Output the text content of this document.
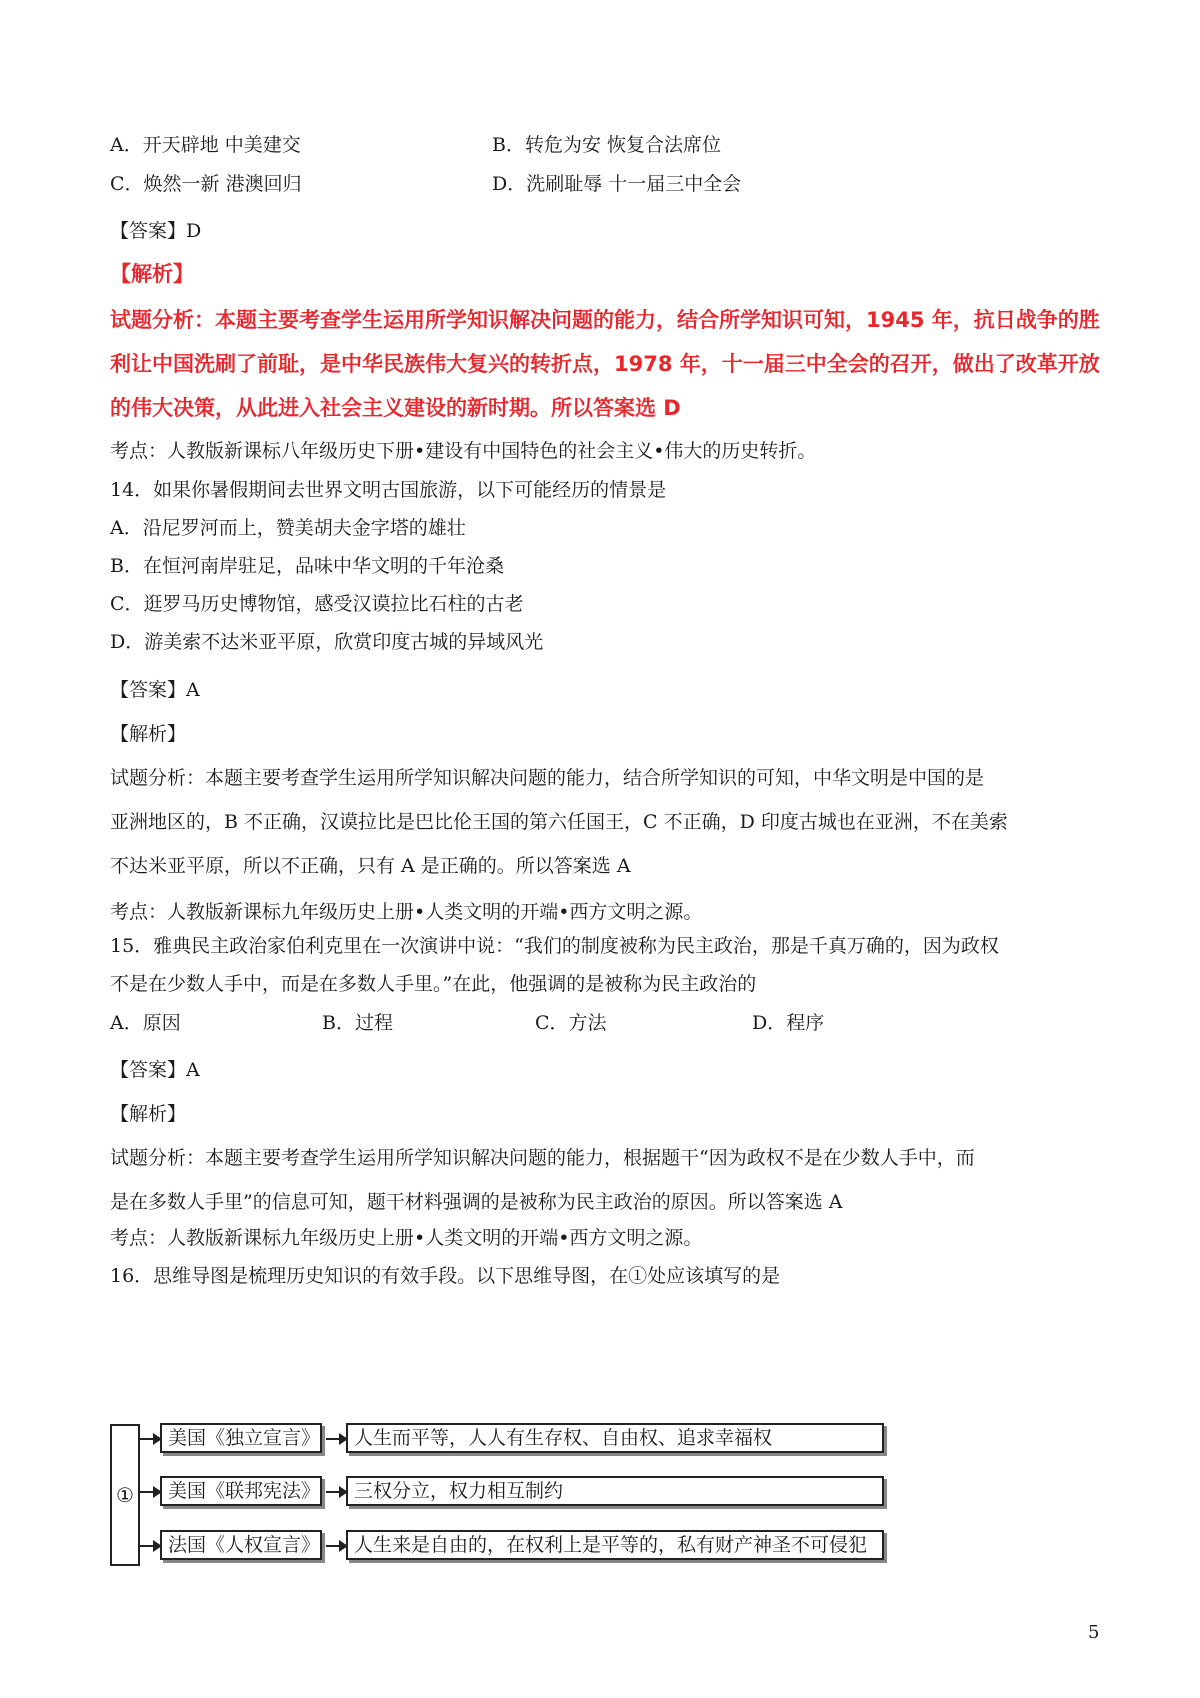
A．开天辟地 中美建交	B．转危为安 恢复合法席位
C．焕然一新 港澳回归	D．洗刷耻辱 十一届三中全会
【答案】D
【解析】
试题分析：本题主要考查学生运用所学知识解决问题的能力，结合所学知识可知，1945 年，抗日战争的胜
利让中国洗刷了前耻，是中华民族伟大复兴的转折点，1978 年，十一届三中全会的召开，做出了改革开放
的伟大决策，从此进入社会主义建设的新时期。所以答案选 D
考点：人教版新课标八年级历史下册•建设有中国特色的社会主义•伟大的历史转折。
14．如果你暑假期间去世界文明古国旅游，以下可能经历的情景是
A．沿尼罗河而上，赞美胡夫金字塔的雄壮
B．在恒河南岸驻足，品味中华文明的千年沧桑
C．逛罗马历史博物馆，感受汉谟拉比石柱的古老
D．游美索不达米亚平原，欣赏印度古城的异域风光
【答案】A
【解析】
试题分析：本题主要考查学生运用所学知识解决问题的能力，结合所学知识的可知，中华文明是中国的是
亚洲地区的，B 不正确，汉谟拉比是巴比伦王国的第六任国王，C 不正确，D 印度古城也在亚洲，不在美索
不达米亚平原，所以不正确，只有 A 是正确的。所以答案选 A
考点：人教版新课标九年级历史上册•人类文明的开端•西方文明之源。
15．雅典民主政治家伯利克里在一次演讲中说：“我们的制度被称为民主政治，那是千真万确的，因为政权
不是在少数人手中，而是在多数人手里。”在此，他强调的是被称为民主政治的
A．原因	B．过程	C．方法	D．程序
【答案】A
【解析】
试题分析：本题主要考查学生运用所学知识解决问题的能力，根据题干“因为政权不是在少数人手中，而
是在多数人手里”的信息可知，题干材料强调的是被称为民主政治的原因。所以答案选 A
考点：人教版新课标九年级历史上册•人类文明的开端•西方文明之源。
16．思维导图是梳理历史知识的有效手段。以下思维导图，在①处应该填写的是
①
美国《独立宣言》	人生而平等，人人有生存权、自由权、追求幸福权
美国《联邦宪法》	三权分立，权力相互制约
法国《人权宣言》	人生来是自由的，在权利上是平等的，私有财产神圣不可侵犯
5
